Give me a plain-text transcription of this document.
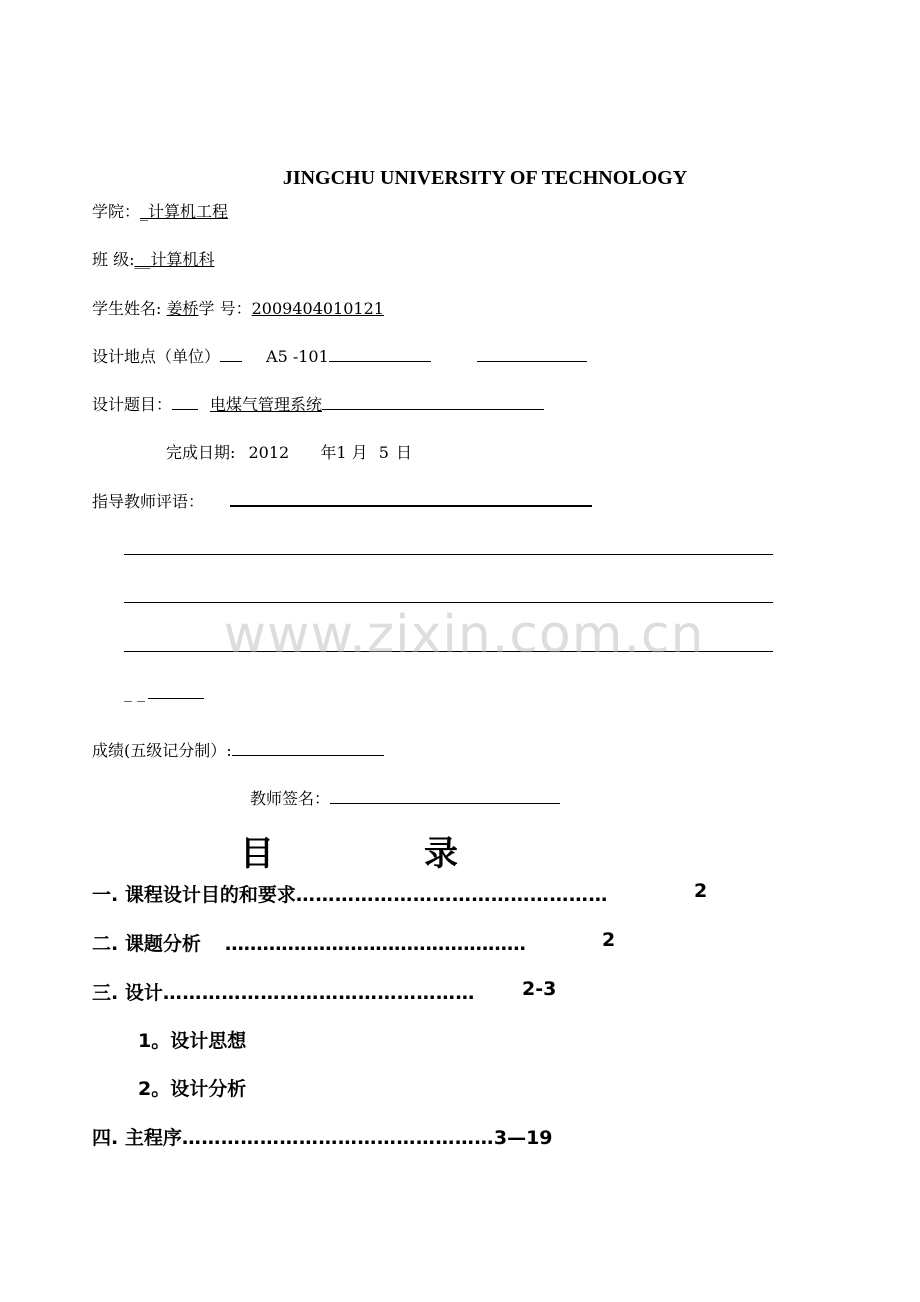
JINGCHU UNIVERSITY OF TECHNOLOGY
学院：_计算机工程
班 级:__计算机科
学生姓名: 姜桥学 号：2009404010121
设计地点（单位）	A5 -101
设计题目： 电煤气管理系统
完成日期: 2012 年1 月 5 日
指导教师评语：
_ _
www.zixin.com.cn
成绩(五级记分制）:
教师签名：
目	录
一. 课程设计目的和要求…………………………………………	2
二. 课题分析 …………………………………………	2
三. 设计………………………………………… 2-3
1。设计思想
2。设计分析
四. 主程序…………………………………………3—19
